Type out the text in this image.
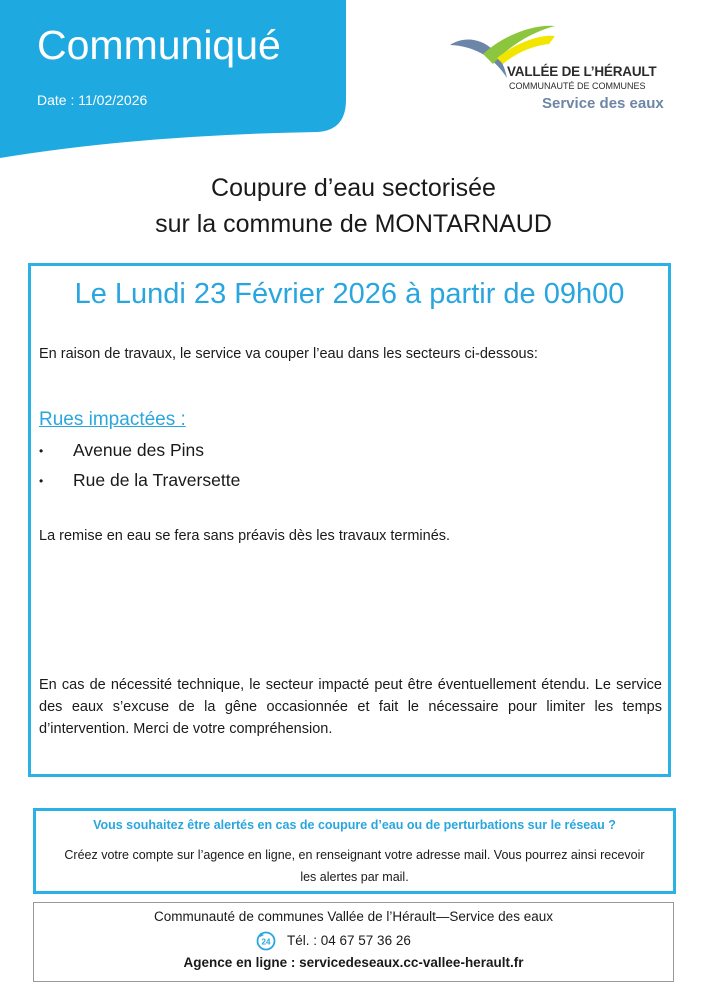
Communiqué
Date : 11/02/2026
VALLÉE DE L’HÉRAULT
COMMUNAUTÉ DE COMMUNES
Service des eaux
Coupure d’eau sectorisée
sur la commune de MONTARNAUD
Le Lundi 23 Février 2026 à partir de 09h00
En raison de travaux, le service va couper l’eau dans les secteurs ci-dessous:
Rues impactées :
• Avenue des Pins
• Rue de la Traversette
La remise en eau se fera sans préavis dès les travaux terminés.
En cas de nécessité technique, le secteur impacté peut être éventuellement étendu. Le service des eaux s’excuse de la gêne occasionnée et fait le nécessaire pour limiter les temps d’intervention. Merci de votre compréhension.
Vous souhaitez être alertés en cas de coupure d’eau ou de perturbations sur le réseau ?
Créez votre compte sur l’agence en ligne, en renseignant votre adresse mail. Vous pourrez ainsi recevoir les alertes par mail.
Communauté de communes Vallée de l’Hérault—Service des eaux
24 Tél. : 04 67 57 36 26
Agence en ligne : servicedeseaux.cc-vallee-herault.fr
